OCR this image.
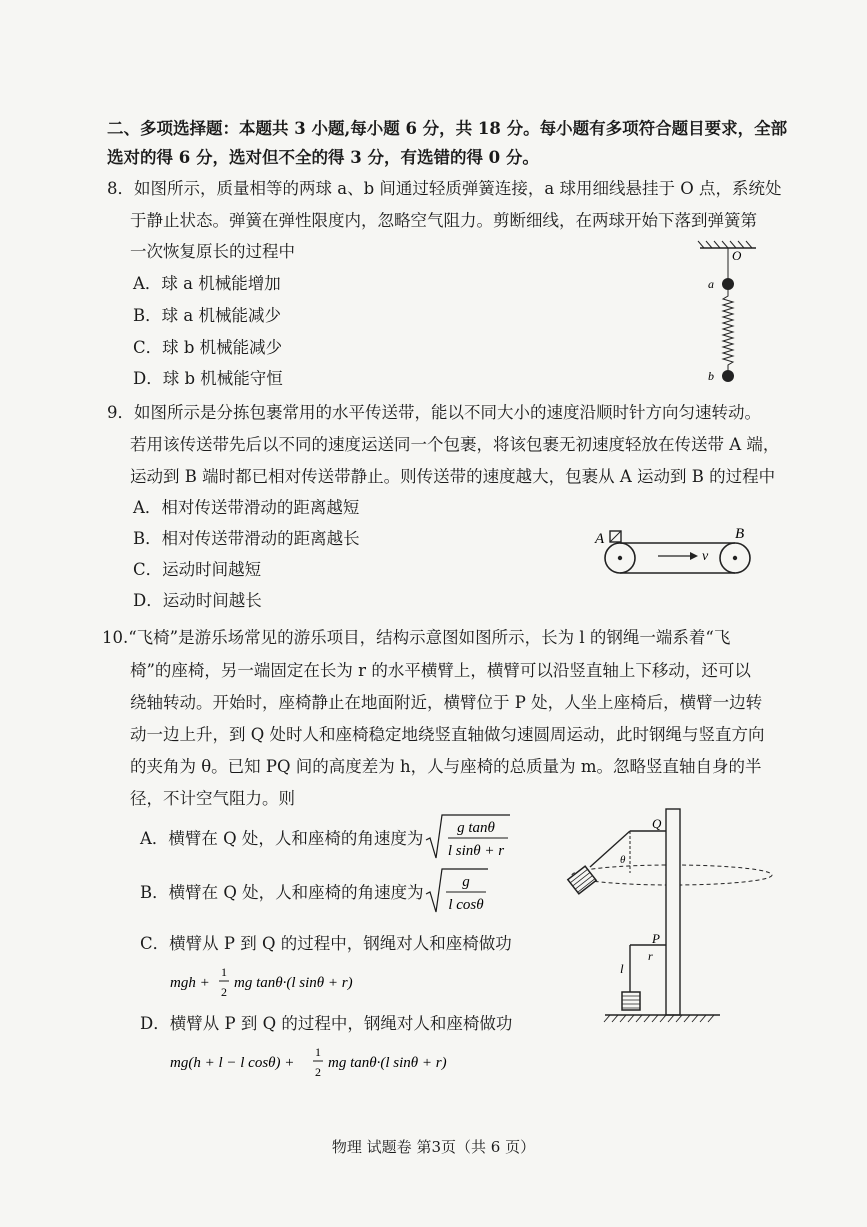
二、多项选择题：本题共 3 小题,每小题 6 分，共 18 分。每小题有多项符合题目要求，全部
选对的得 6 分，选对但不全的得 3 分，有选错的得 0 分。
8．如图所示，质量相等的两球 a、b 间通过轻质弹簧连接，a 球用细线悬挂于 O 点，系统处
于静止状态。弹簧在弹性限度内，忽略空气阻力。剪断细线，在两球开始下落到弹簧第
一次恢复原长的过程中
A．球 a 机械能增加
B．球 a 机械能减少
C．球 b 机械能减少
D．球 b 机械能守恒
O
a
b
9．如图所示是分拣包裹常用的水平传送带，能以不同大小的速度沿顺时针方向匀速转动。
若用该传送带先后以不同的速度运送同一个包裹，将该包裹无初速度轻放在传送带 A 端，
运动到 B 端时都已相对传送带静止。则传送带的速度越大，包裹从 A 运动到 B 的过程中
A．相对传送带滑动的距离越短
B．相对传送带滑动的距离越长
C．运动时间越短
D．运动时间越长
A	B
v
10.“飞椅”是游乐场常见的游乐项目，结构示意图如图所示，长为 l 的钢绳一端系着“飞
椅”的座椅，另一端固定在长为 r 的水平横臂上，横臂可以沿竖直轴上下移动，还可以
绕轴转动。开始时，座椅静止在地面附近，横臂位于 P 处，人坐上座椅后，横臂一边转
动一边上升，到 Q 处时人和座椅稳定地绕竖直轴做匀速圆周运动，此时钢绳与竖直方向
的夹角为 θ。已知 PQ 间的高度差为 h，人与座椅的总质量为 m。忽略竖直轴自身的半
径，不计空气阻力。则
A．横臂在 Q 处，人和座椅的角速度为
g tanθ
l sinθ + r
B．横臂在 Q 处，人和座椅的角速度为
g
l cosθ
C．横臂从 P 到 Q 的过程中，钢绳对人和座椅做功
mgh +
1
2
mg tanθ·(l sinθ + r)
D．横臂从 P 到 Q 的过程中，钢绳对人和座椅做功
mg(h + l − l cosθ) +
1
2
mg tanθ·(l sinθ + r)
Q
θ
P
r
l
物理 试题卷 第3页（共 6 页）
